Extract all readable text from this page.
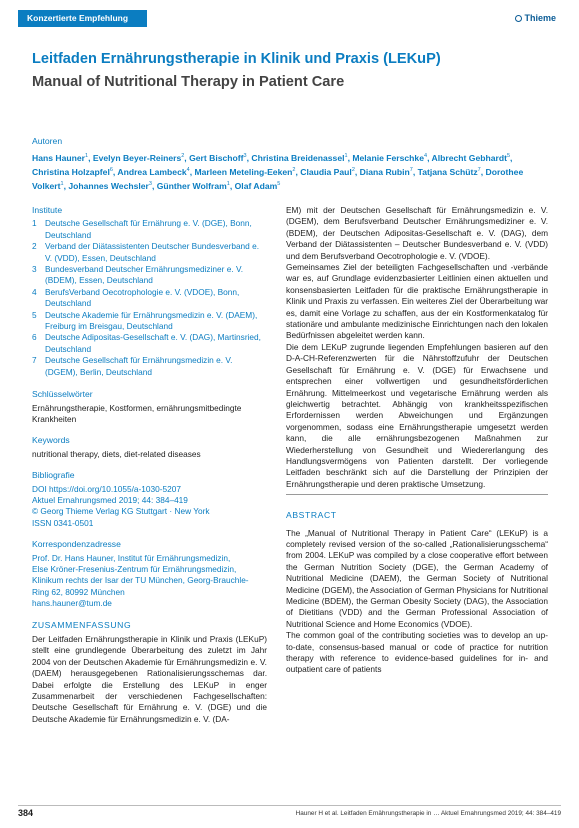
Konzertierte Empfehlung	Thieme
Leitfaden Ernährungstherapie in Klinik und Praxis (LEKuP)
Manual of Nutritional Therapy in Patient Care
Autoren
Hans Hauner$^1$, Evelyn Beyer-Reiners$^2$, Gert Bischoff$^3$, Christina Breidenassel$^1$, Melanie Ferschke$^4$, Albrecht Gebhardt$^5$, Christina Holzapfel$^6$, Andrea Lambeck$^4$, Marleen Meteling-Eeken$^2$, Claudia Paul$^2$, Diana Rubin$^7$, Tatjana Schütz$^7$, Dorothee Volkert$^1$, Johannes Wechsler$^3$, Günther Wolfram$^1$, Olaf Adam$^5$
Institute
1	Deutsche Gesellschaft für Ernährung e. V. (DGE), Bonn, Deutschland
2	Verband der Diätassistenten Deutscher Bundesverband e. V. (VDD), Essen, Deutschland
3	Bundesverband Deutscher Ernährungsmediziner e. V. (BDEM), Essen, Deutschland
4	BerufsVerband Oecotrophologie e. V. (VDOE), Bonn, Deutschland
5	Deutsche Akademie für Ernährungsmedizin e. V. (DAEM), Freiburg im Breisgau, Deutschland
6	Deutsche Adipositas-Gesellschaft e. V. (DAG), Martinsried, Deutschland
7	Deutsche Gesellschaft für Ernährungsmedizin e. V. (DGEM), Berlin, Deutschland
Schlüsselwörter
Ernährungstherapie, Kostformen, ernährungsmitbedingte Krankheiten
Keywords
nutritional therapy, diets, diet-related diseases
Bibliografie
DOI https://doi.org/10.1055/a-1030-5207
Aktuel Ernahrungsmed 2019; 44: 384–419
© Georg Thieme Verlag KG Stuttgart · New York
ISSN 0341-0501
Korrespondenzadresse
Prof. Dr. Hans Hauner, Institut für Ernährungsmedizin,
Else Kröner-Fresenius-Zentrum für Ernährungsmedizin,
Klinikum rechts der Isar der TU München, Georg-Brauchle-
Ring 62, 80992 München
hans.hauner@tum.de
ZUSAMMENFASSUNG
Der Leitfaden Ernährungstherapie in Klinik und Praxis (LEKuP) stellt eine grundlegende Überarbeitung des zuletzt im Jahr 2004 von der Deutschen Akademie für Ernährungsmedizin e. V. (DAEM) herausgegebenen Rationalisierungsschemas dar. Dabei erfolgte die Erstellung des LEKuP in enger Zusammenarbeit der verschiedenen Fachgesellschaften: Deutsche Gesellschaft für Ernährung e. V. (DGE) und die Deutsche Akademie für Ernährungsmedizin e. V. (DA-

EM) mit der Deutschen Gesellschaft für Ernährungsmedizin e. V. (DGEM), dem Berufsverband Deutscher Ernährungsmediziner e. V. (BDEM), der Deutschen Adipositas-Gesellschaft e. V. (DAG), dem Verband der Diätassistenten – Deutscher Bundesverband e. V. (VDD) und dem Berufsverband Oecotrophologie e. V. (VDOE).

Gemeinsames Ziel der beteiligten Fachgesellschaften und -verbände war es, auf Grundlage evidenzbasierter Leitlinien einen aktuellen und konsensbasierten Leitfaden für die praktische Ernährungstherapie in Klinik und Praxis zu verfassen. Ein weiteres Ziel der Überarbeitung war es, damit eine Vorlage zu schaffen, aus der ein Kostformenkatalog für stationäre und ambulante medizinische Einrichtungen nach den lokalen Bedürfnissen abgeleitet werden kann.

Die dem LEKuP zugrunde liegenden Empfehlungen basieren auf den D-A-CH-Referenzwerten für die Nährstoffzufuhr der Deutschen Gesellschaft für Ernährung e. V. (DGE) für Erwachsene und entsprechen einer vollwertigen und gesundheitsförderlichen Ernährung. Mittelmeerkost und vegetarische Ernährung werden als gleichwertig betrachtet. Abhängig von krankheitsspezifischen Erfordernissen werden Abweichungen und Ergänzungen vorgenommen, sodass eine Ernährungstherapie umgesetzt werden kann, die alle ernährungsbezogenen Maßnahmen zur Wiederherstellung von Gesundheit und Wiedererlangung des Handlungsvermögens von Patienten darstellt. Der vorliegende Leitfaden beschränkt sich auf die Darstellung der Prinzipien der Ernährungstherapie und deren praktische Umsetzung.

ABSTRACT

The „Manual of Nutritional Therapy in Patient Care“ (LEKuP) is a completely revised version of the so-called „Rationalisierungsschema“ from 2004. LEKuP was compiled by a close cooperative effort between the German Nutrition Society (DGE), the German Academy of Nutritional Medicine (DAEM), the German Society of Nutritional Medicine (DGEM), the Association of German Physicians for Nutritional Medicine (BDEM), the German Obesity Society (DAG), the Association of Dietitians (VDD) and the German Professional Association of Nutritional Science and Home Economics (VDOE).

The common goal of the contributing societies was to develop an up-to-date, consensus-based manual or code of practice for nutrition therapy with reference to evidence-based guidelines for in- and outpatient care of patients

384	Hauner H et al. Leitfaden Ernährungstherapie in … Aktuel Ernahrungsmed 2019; 44: 384–419
